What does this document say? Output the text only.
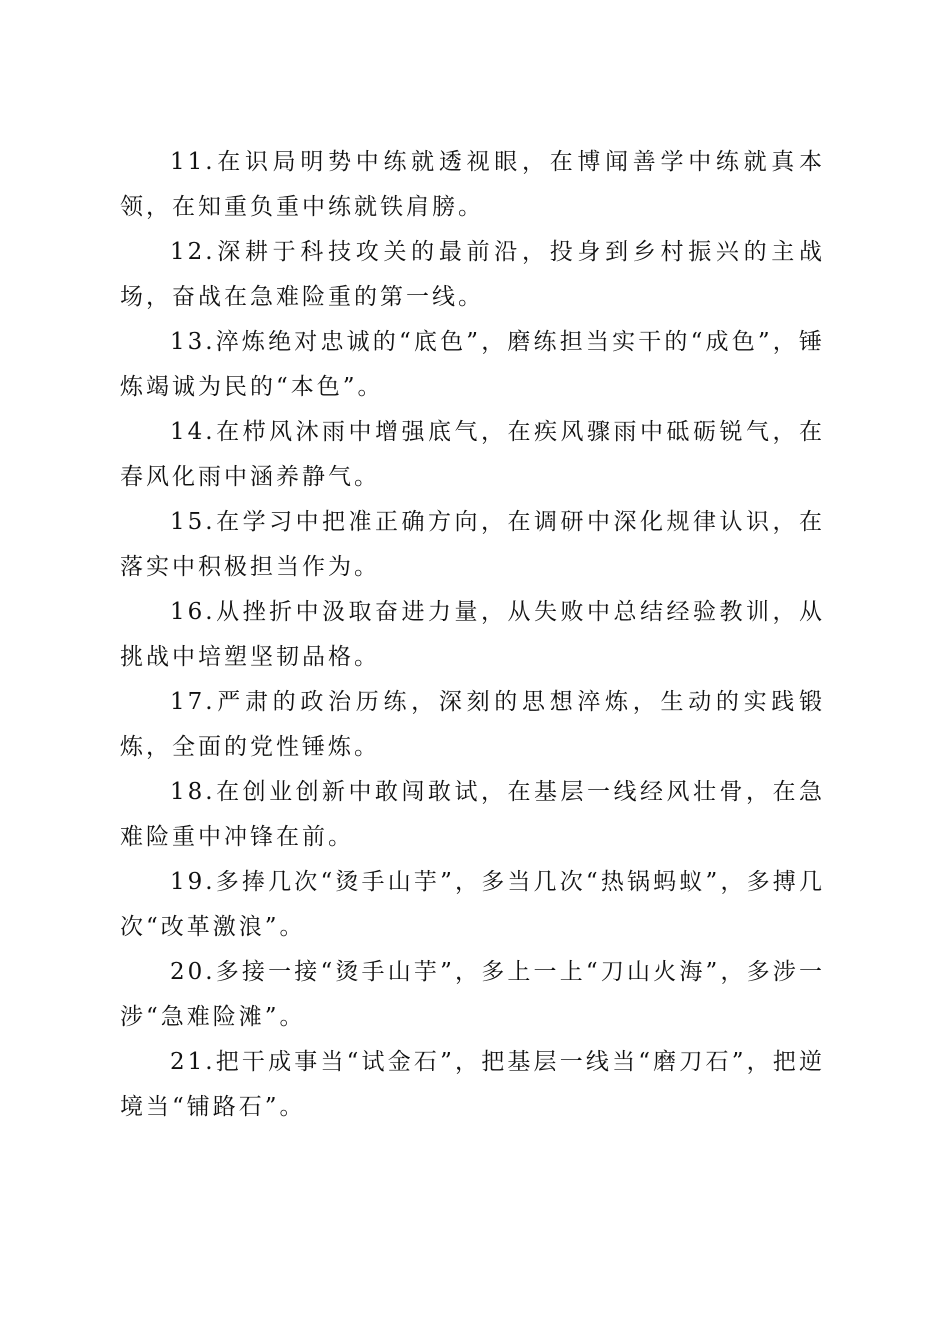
11.在识局明势中练就透视眼，在博闻善学中练就真本领，在知重负重中练就铁肩膀。

12.深耕于科技攻关的最前沿，投身到乡村振兴的主战场，奋战在急难险重的第一线。

13.淬炼绝对忠诚的“底色”，磨练担当实干的“成色”，锤炼竭诚为民的“本色”。

14.在栉风沐雨中增强底气，在疾风骤雨中砥砺锐气，在春风化雨中涵养静气。

15.在学习中把准正确方向，在调研中深化规律认识，在落实中积极担当作为。

16.从挫折中汲取奋进力量，从失败中总结经验教训，从挑战中培塑坚韧品格。

17.严肃的政治历练，深刻的思想淬炼，生动的实践锻炼，全面的党性锤炼。

18.在创业创新中敢闯敢试，在基层一线经风壮骨，在急难险重中冲锋在前。

19.多捧几次“烫手山芋”，多当几次“热锅蚂蚁”，多搏几次“改革激浪”。

20.多接一接“烫手山芋”，多上一上“刀山火海”，多涉一涉“急难险滩”。

21.把干成事当“试金石”，把基层一线当“磨刀石”，把逆境当“铺路石”。
